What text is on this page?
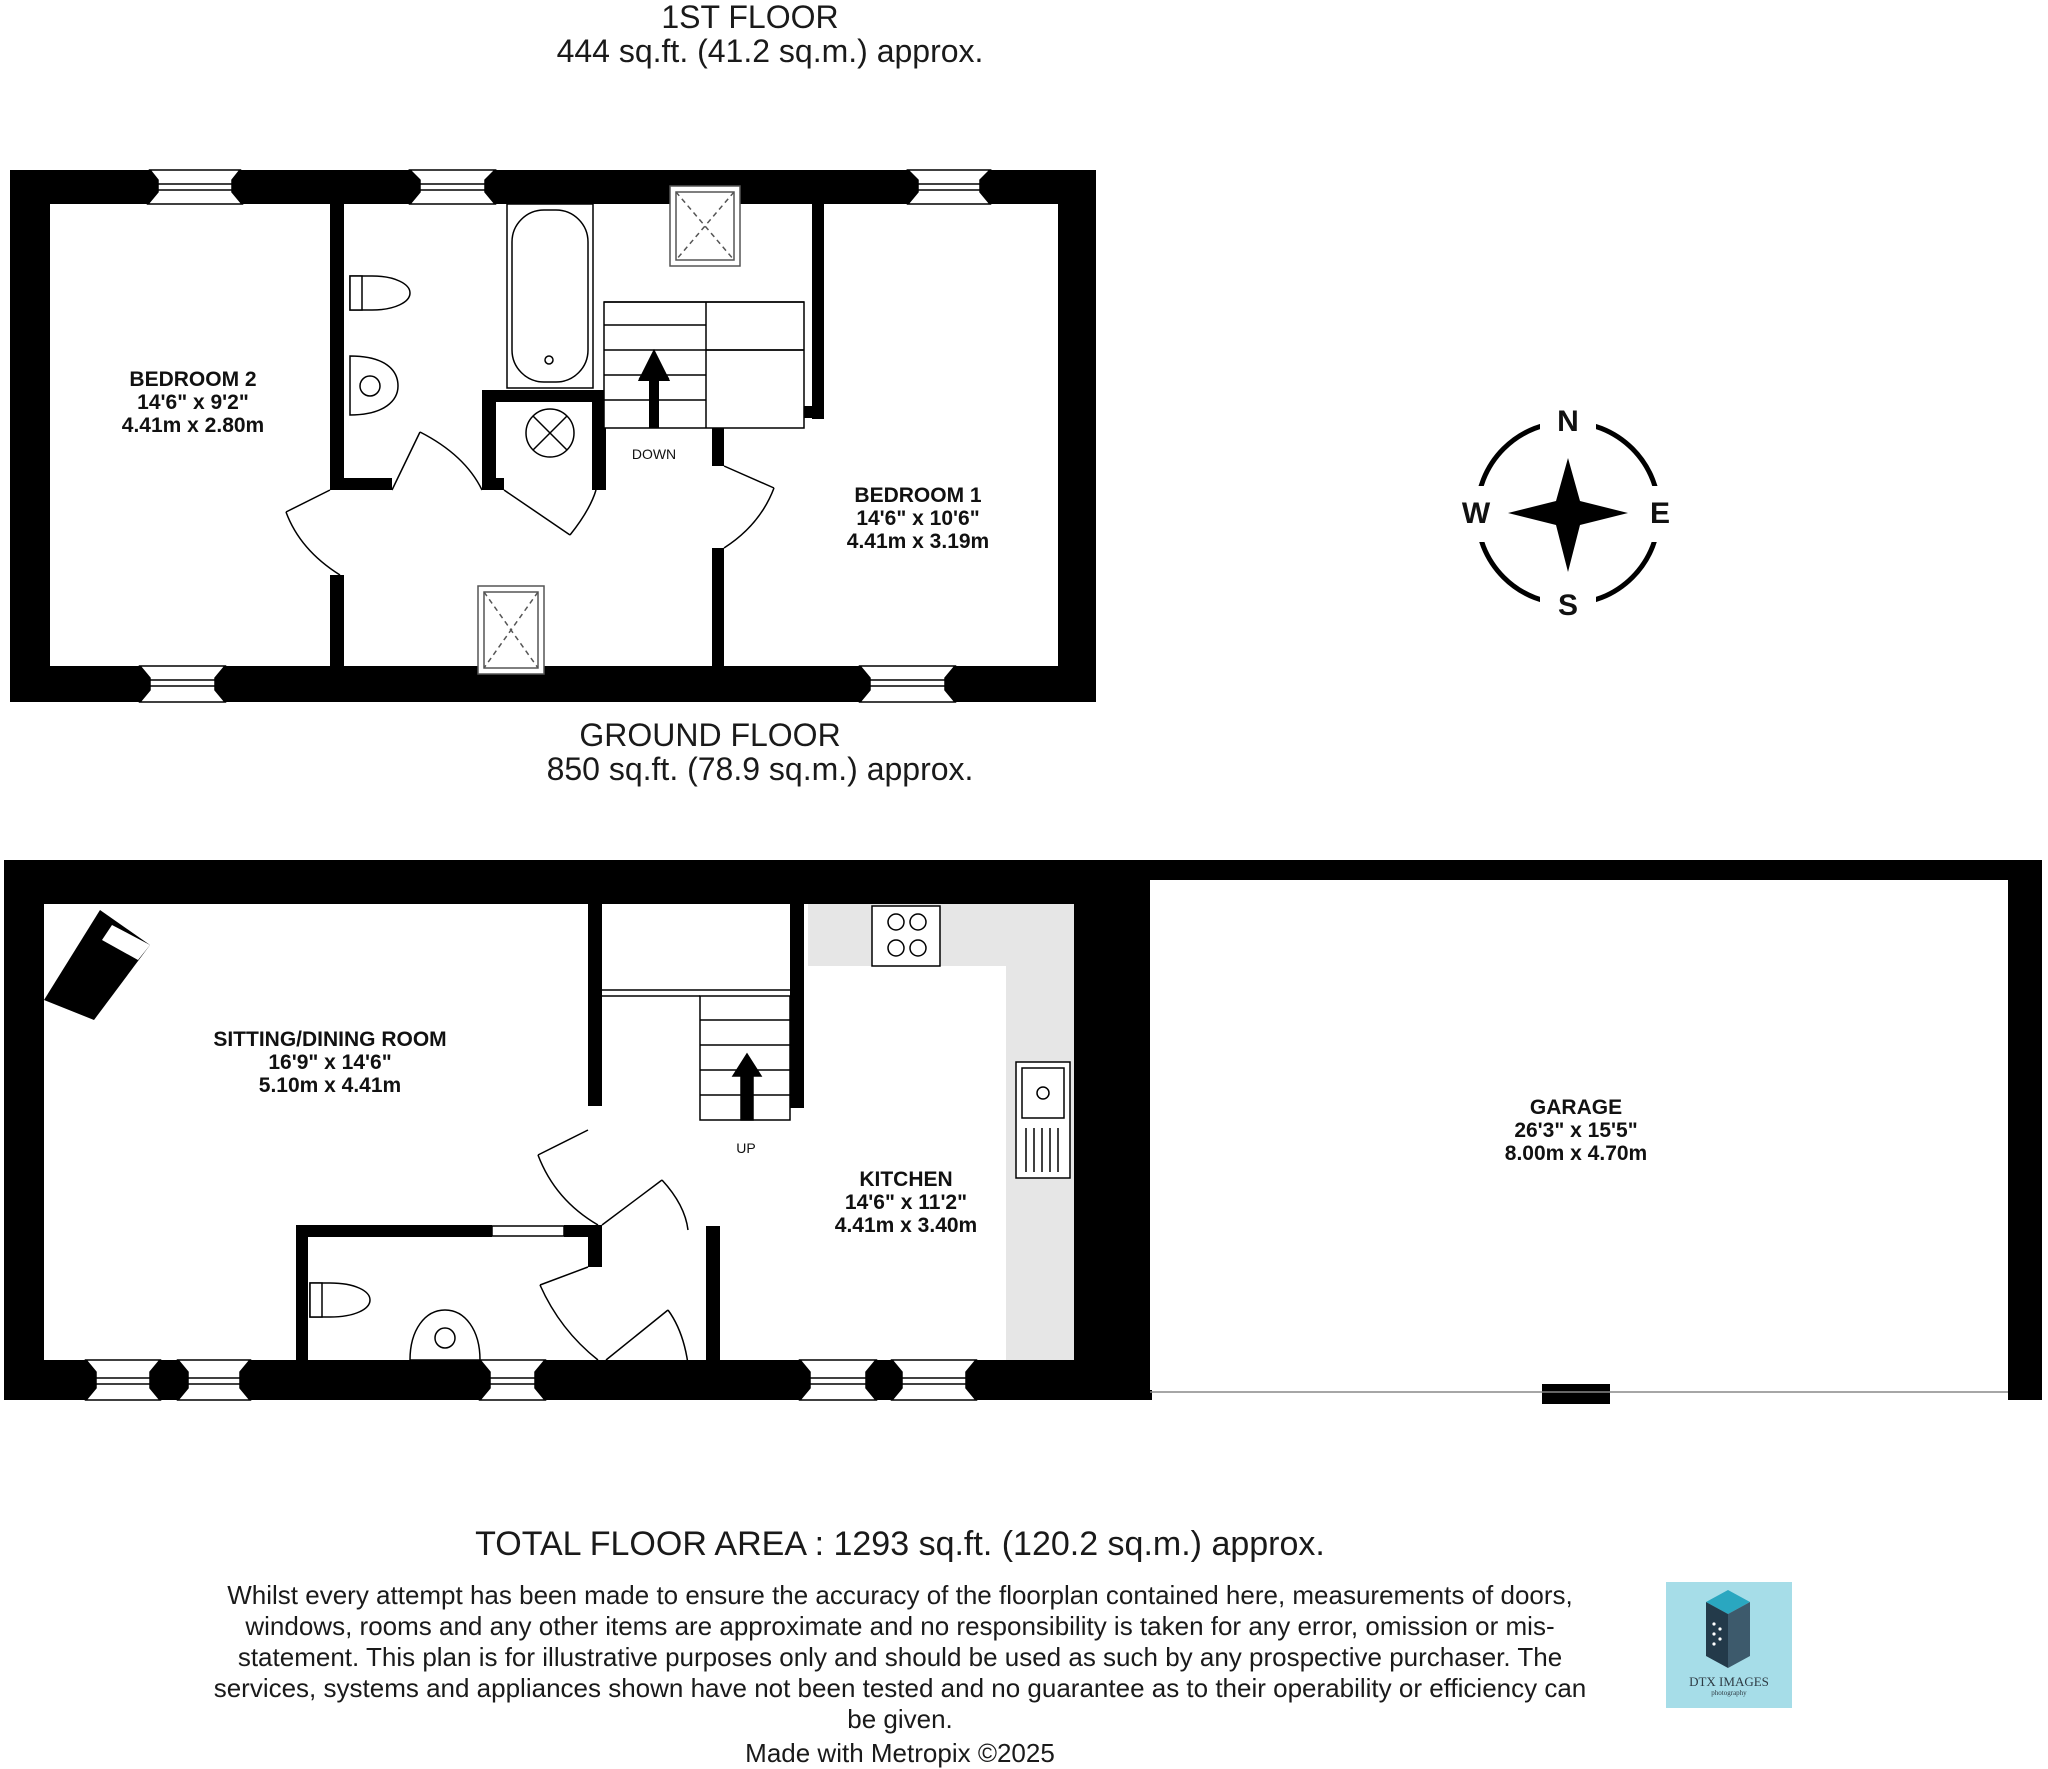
1ST FLOOR
444 sq.ft. (41.2 sq.m.) approx.
GROUND FLOOR
850 sq.ft. (78.9 sq.m.) approx.
BEDROOM 2
14'6" x 9'2"
4.41m x 2.80m
BEDROOM 1
14'6" x 10'6"
4.41m x 3.19m
DOWN
SITTING/DINING ROOM
16'9" x 14'6"
5.10m x 4.41m
KITCHEN
14'6" x 11'2"
4.41m x 3.40m
GARAGE
26'3" x 15'5"
8.00m x 4.70m
UP
N
S
W	E
TOTAL FLOOR AREA : 1293 sq.ft. (120.2 sq.m.) approx.
Whilst every attempt has been made to ensure the accuracy of the floorplan contained here, measurements of doors, windows, rooms and any other items are approximate and no responsibility is taken for any error, omission or mis-statement. This plan is for illustrative purposes only and should be used as such by any prospective purchaser. The services, systems and appliances shown have not been tested and no guarantee as to their operability or efficiency can be given.
Made with Metropix ©2025
DTX IMAGES
photography
